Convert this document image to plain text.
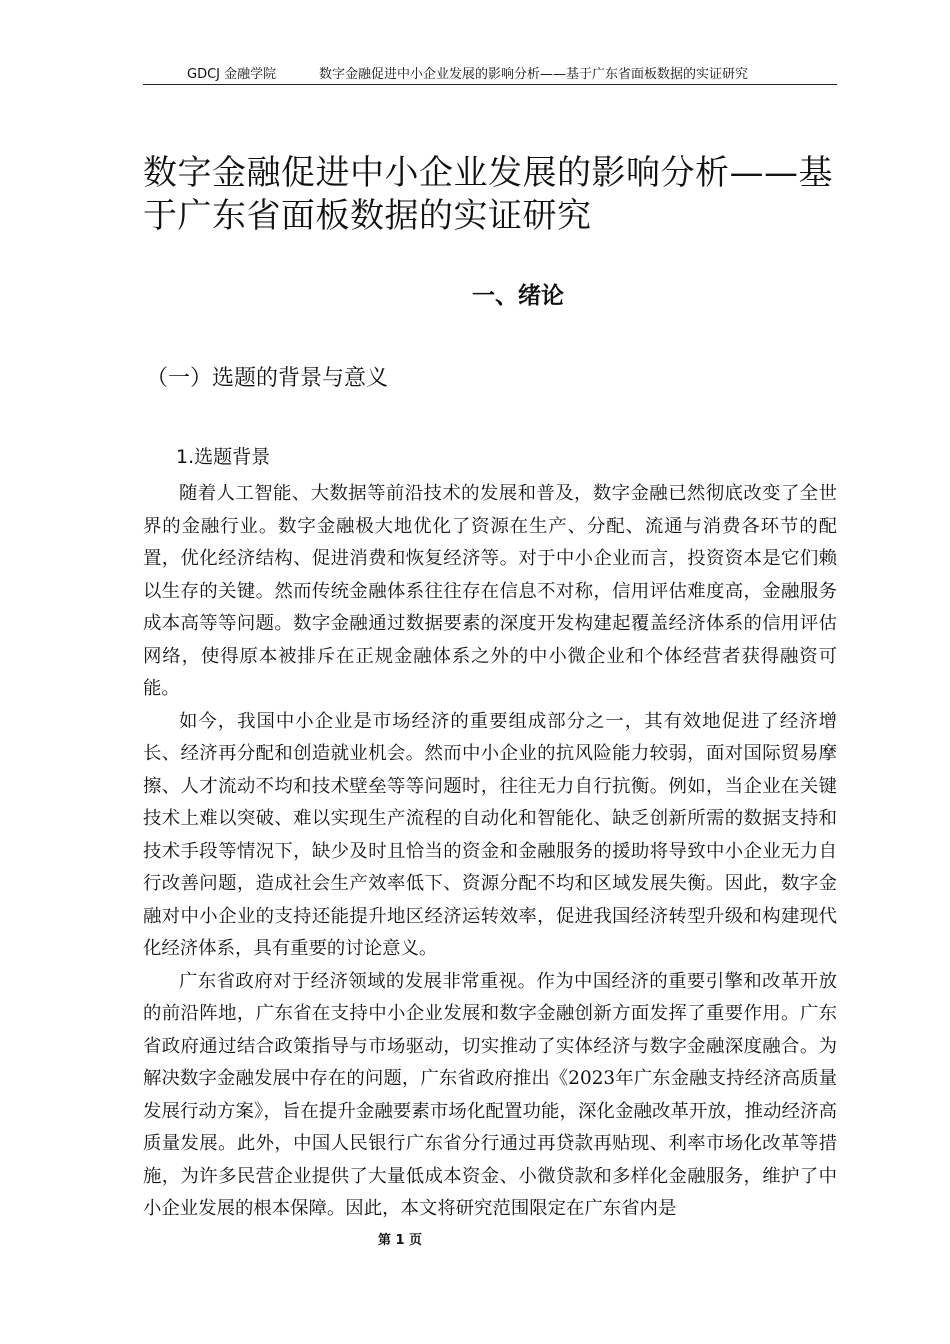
GDCJ 金融学院	数字金融促进中小企业发展的影响分析——基于广东省面板数据的实证研究
数字金融促进中小企业发展的影响分析——基于广东省面板数据的实证研究
一、绪论
（一）选题的背景与意义
1.选题背景

随着人工智能、大数据等前沿技术的发展和普及，数字金融已然彻底改变了全世界的金融行业。数字金融极大地优化了资源在生产、分配、流通与消费各环节的配置，优化经济结构、促进消费和恢复经济等。对于中小企业而言，投资资本是它们赖以生存的关键。然而传统金融体系往往存在信息不对称，信用评估难度高，金融服务成本高等等问题。数字金融通过数据要素的深度开发构建起覆盖经济体系的信用评估网络，使得原本被排斥在正规金融体系之外的中小微企业和个体经营者获得融资可能。

如今，我国中小企业是市场经济的重要组成部分之一，其有效地促进了经济增长、经济再分配和创造就业机会。然而中小企业的抗风险能力较弱，面对国际贸易摩擦、人才流动不均和技术壁垒等等问题时，往往无力自行抗衡。例如，当企业在关键技术上难以突破、难以实现生产流程的自动化和智能化、缺乏创新所需的数据支持和技术手段等情况下，缺少及时且恰当的资金和金融服务的援助将导致中小企业无力自行改善问题，造成社会生产效率低下、资源分配不均和区域发展失衡。因此，数字金融对中小企业的支持还能提升地区经济运转效率，促进我国经济转型升级和构建现代化经济体系，具有重要的讨论意义。

广东省政府对于经济领域的发展非常重视。作为中国经济的重要引擎和改革开放的前沿阵地，广东省在支持中小企业发展和数字金融创新方面发挥了重要作用。广东省政府通过结合政策指导与市场驱动，切实推动了实体经济与数字金融深度融合。为解决数字金融发展中存在的问题，广东省政府推出《2023年广东金融支持经济高质量发展行动方案》，旨在提升金融要素市场化配置功能，深化金融改革开放，推动经济高质量发展。此外，中国人民银行广东省分行通过再贷款再贴现、利率市场化改革等措施，为许多民营企业提供了大量低成本资金、小微贷款和多样化金融服务，维护了中小企业发展的根本保障。因此，本文将研究范围限定在广东省内是

第 1 页
